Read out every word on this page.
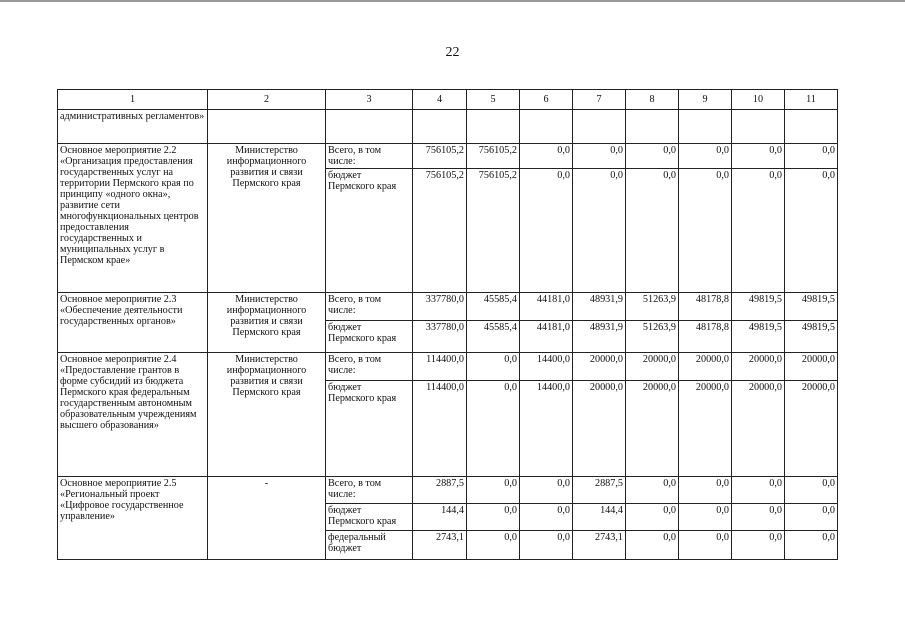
22
1	2	3	4	5	6	7	8	9	10	11
административных регламентов»										
Основное мероприятие 2.2 «Организация предоставления государственных услуг на территории Пермского края по принципу «одного окна», развитие сети многофункциональных центров предоставления государственных и муниципальных услуг в Пермском крае»	Министерство информационного развития и связи Пермского края	Всего, в том числе:	756105,2	756105,2	0,0	0,0	0,0	0,0	0,0	0,0
		бюджет Пермского края	756105,2	756105,2	0,0	0,0	0,0	0,0	0,0	0,0
Основное мероприятие 2.3 «Обеспечение деятельности государственных органов»	Министерство информационного развития и связи Пермского края	Всего, в том числе:	337780,0	45585,4	44181,0	48931,9	51263,9	48178,8	49819,5	49819,5
		бюджет Пермского края	337780,0	45585,4	44181,0	48931,9	51263,9	48178,8	49819,5	49819,5
Основное мероприятие 2.4 «Предоставление грантов в форме субсидий из бюджета Пермского края федеральным государственным автономным образовательным учреждениям высшего образования»	Министерство информационного развития и связи Пермского края	Всего, в том числе:	114400,0	0,0	14400,0	20000,0	20000,0	20000,0	20000,0	20000,0
		бюджет Пермского края	114400,0	0,0	14400,0	20000,0	20000,0	20000,0	20000,0	20000,0
Основное мероприятие 2.5 «Региональный проект «Цифровое государственное управление»	-	Всего, в том числе:	2887,5	0,0	0,0	2887,5	0,0	0,0	0,0	0,0
		бюджет Пермского края	144,4	0,0	0,0	144,4	0,0	0,0	0,0	0,0
		федеральный бюджет	2743,1	0,0	0,0	2743,1	0,0	0,0	0,0	0,0
